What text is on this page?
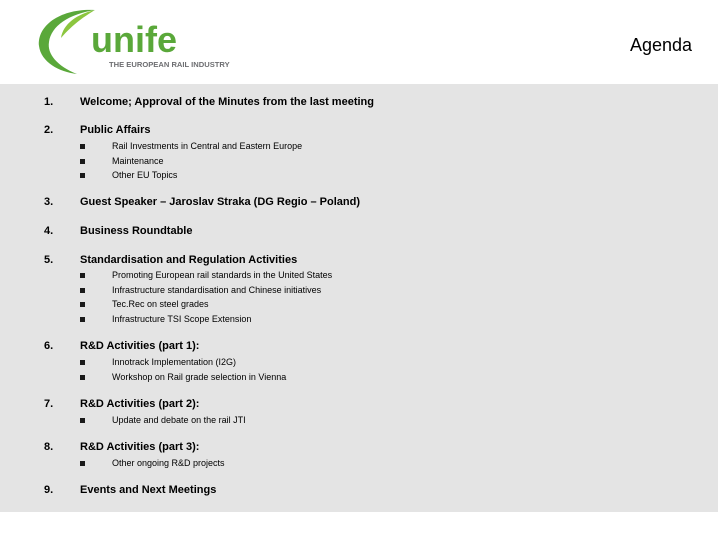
unife
THE EUROPEAN RAIL INDUSTRY
Agenda
1. Welcome; Approval of the Minutes from the last meeting
2. Public Affairs
Rail Investments in Central and Eastern Europe
Maintenance
Other EU Topics
3. Guest Speaker – Jaroslav Straka (DG Regio – Poland)
4. Business Roundtable
5. Standardisation and Regulation Activities
Promoting European rail standards in the United States
Infrastructure standardisation and Chinese initiatives
Tec.Rec on steel grades
Infrastructure TSI Scope Extension
6. R&D Activities (part 1):
Innotrack Implementation (I2G)
Workshop on Rail grade selection in Vienna
7. R&D Activities (part 2):
Update and debate on the rail JTI
8. R&D Activities (part 3):
Other ongoing R&D projects
9. Events and Next Meetings
